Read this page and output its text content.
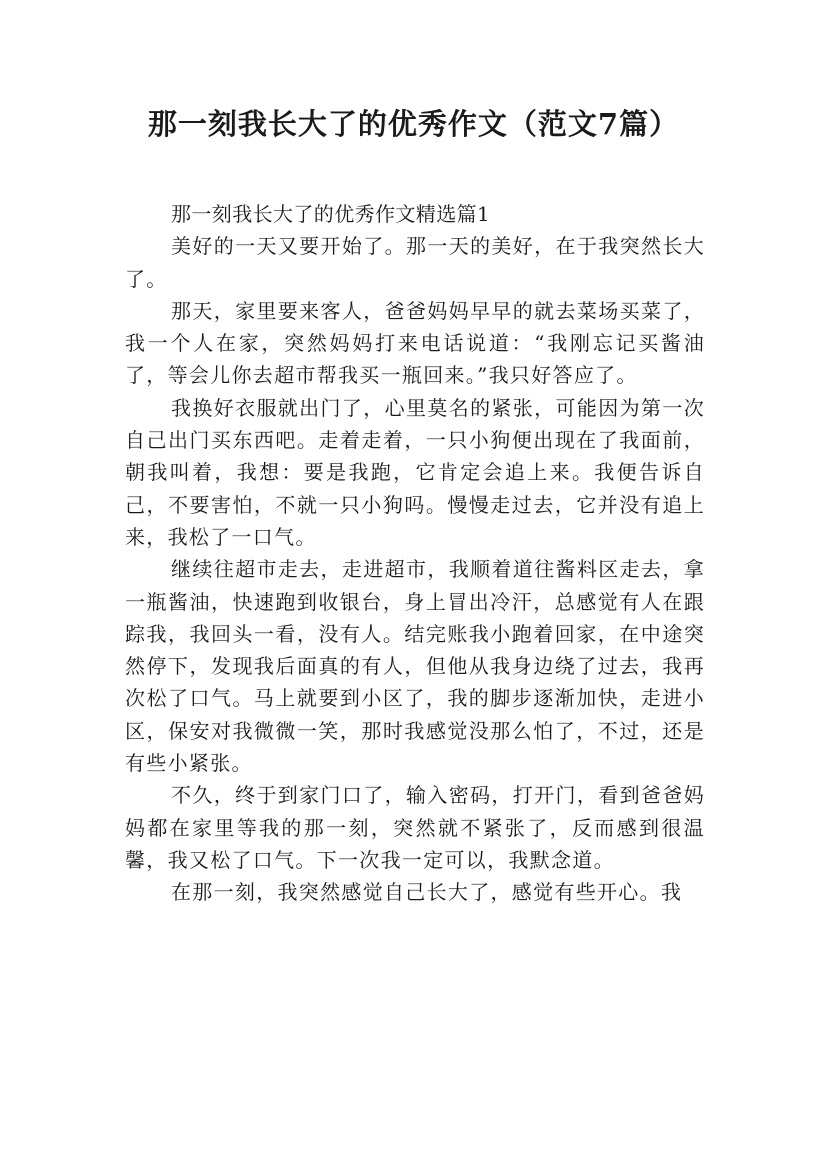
那一刻我长大了的优秀作文（范文7篇）

那一刻我长大了的优秀作文精选篇1

美好的一天又要开始了。那一天的美好，在于我突然长大了。

那天，家里要来客人，爸爸妈妈早早的就去菜场买菜了，我一个人在家，突然妈妈打来电话说道：“我刚忘记买酱油了，等会儿你去超市帮我买一瓶回来。”我只好答应了。

我换好衣服就出门了，心里莫名的紧张，可能因为第一次自己出门买东西吧。走着走着，一只小狗便出现在了我面前，朝我叫着，我想：要是我跑，它肯定会追上来。我便告诉自己，不要害怕，不就一只小狗吗。慢慢走过去，它并没有追上来，我松了一口气。

继续往超市走去，走进超市，我顺着道往酱料区走去，拿一瓶酱油，快速跑到收银台，身上冒出冷汗，总感觉有人在跟踪我，我回头一看，没有人。结完账我小跑着回家，在中途突然停下，发现我后面真的有人，但他从我身边绕了过去，我再次松了口气。马上就要到小区了，我的脚步逐渐加快，走进小区，保安对我微微一笑，那时我感觉没那么怕了，不过，还是有些小紧张。

不久，终于到家门口了，输入密码，打开门，看到爸爸妈妈都在家里等我的那一刻，突然就不紧张了，反而感到很温馨，我又松了口气。下一次我一定可以，我默念道。

在那一刻，我突然感觉自己长大了，感觉有些开心。我
